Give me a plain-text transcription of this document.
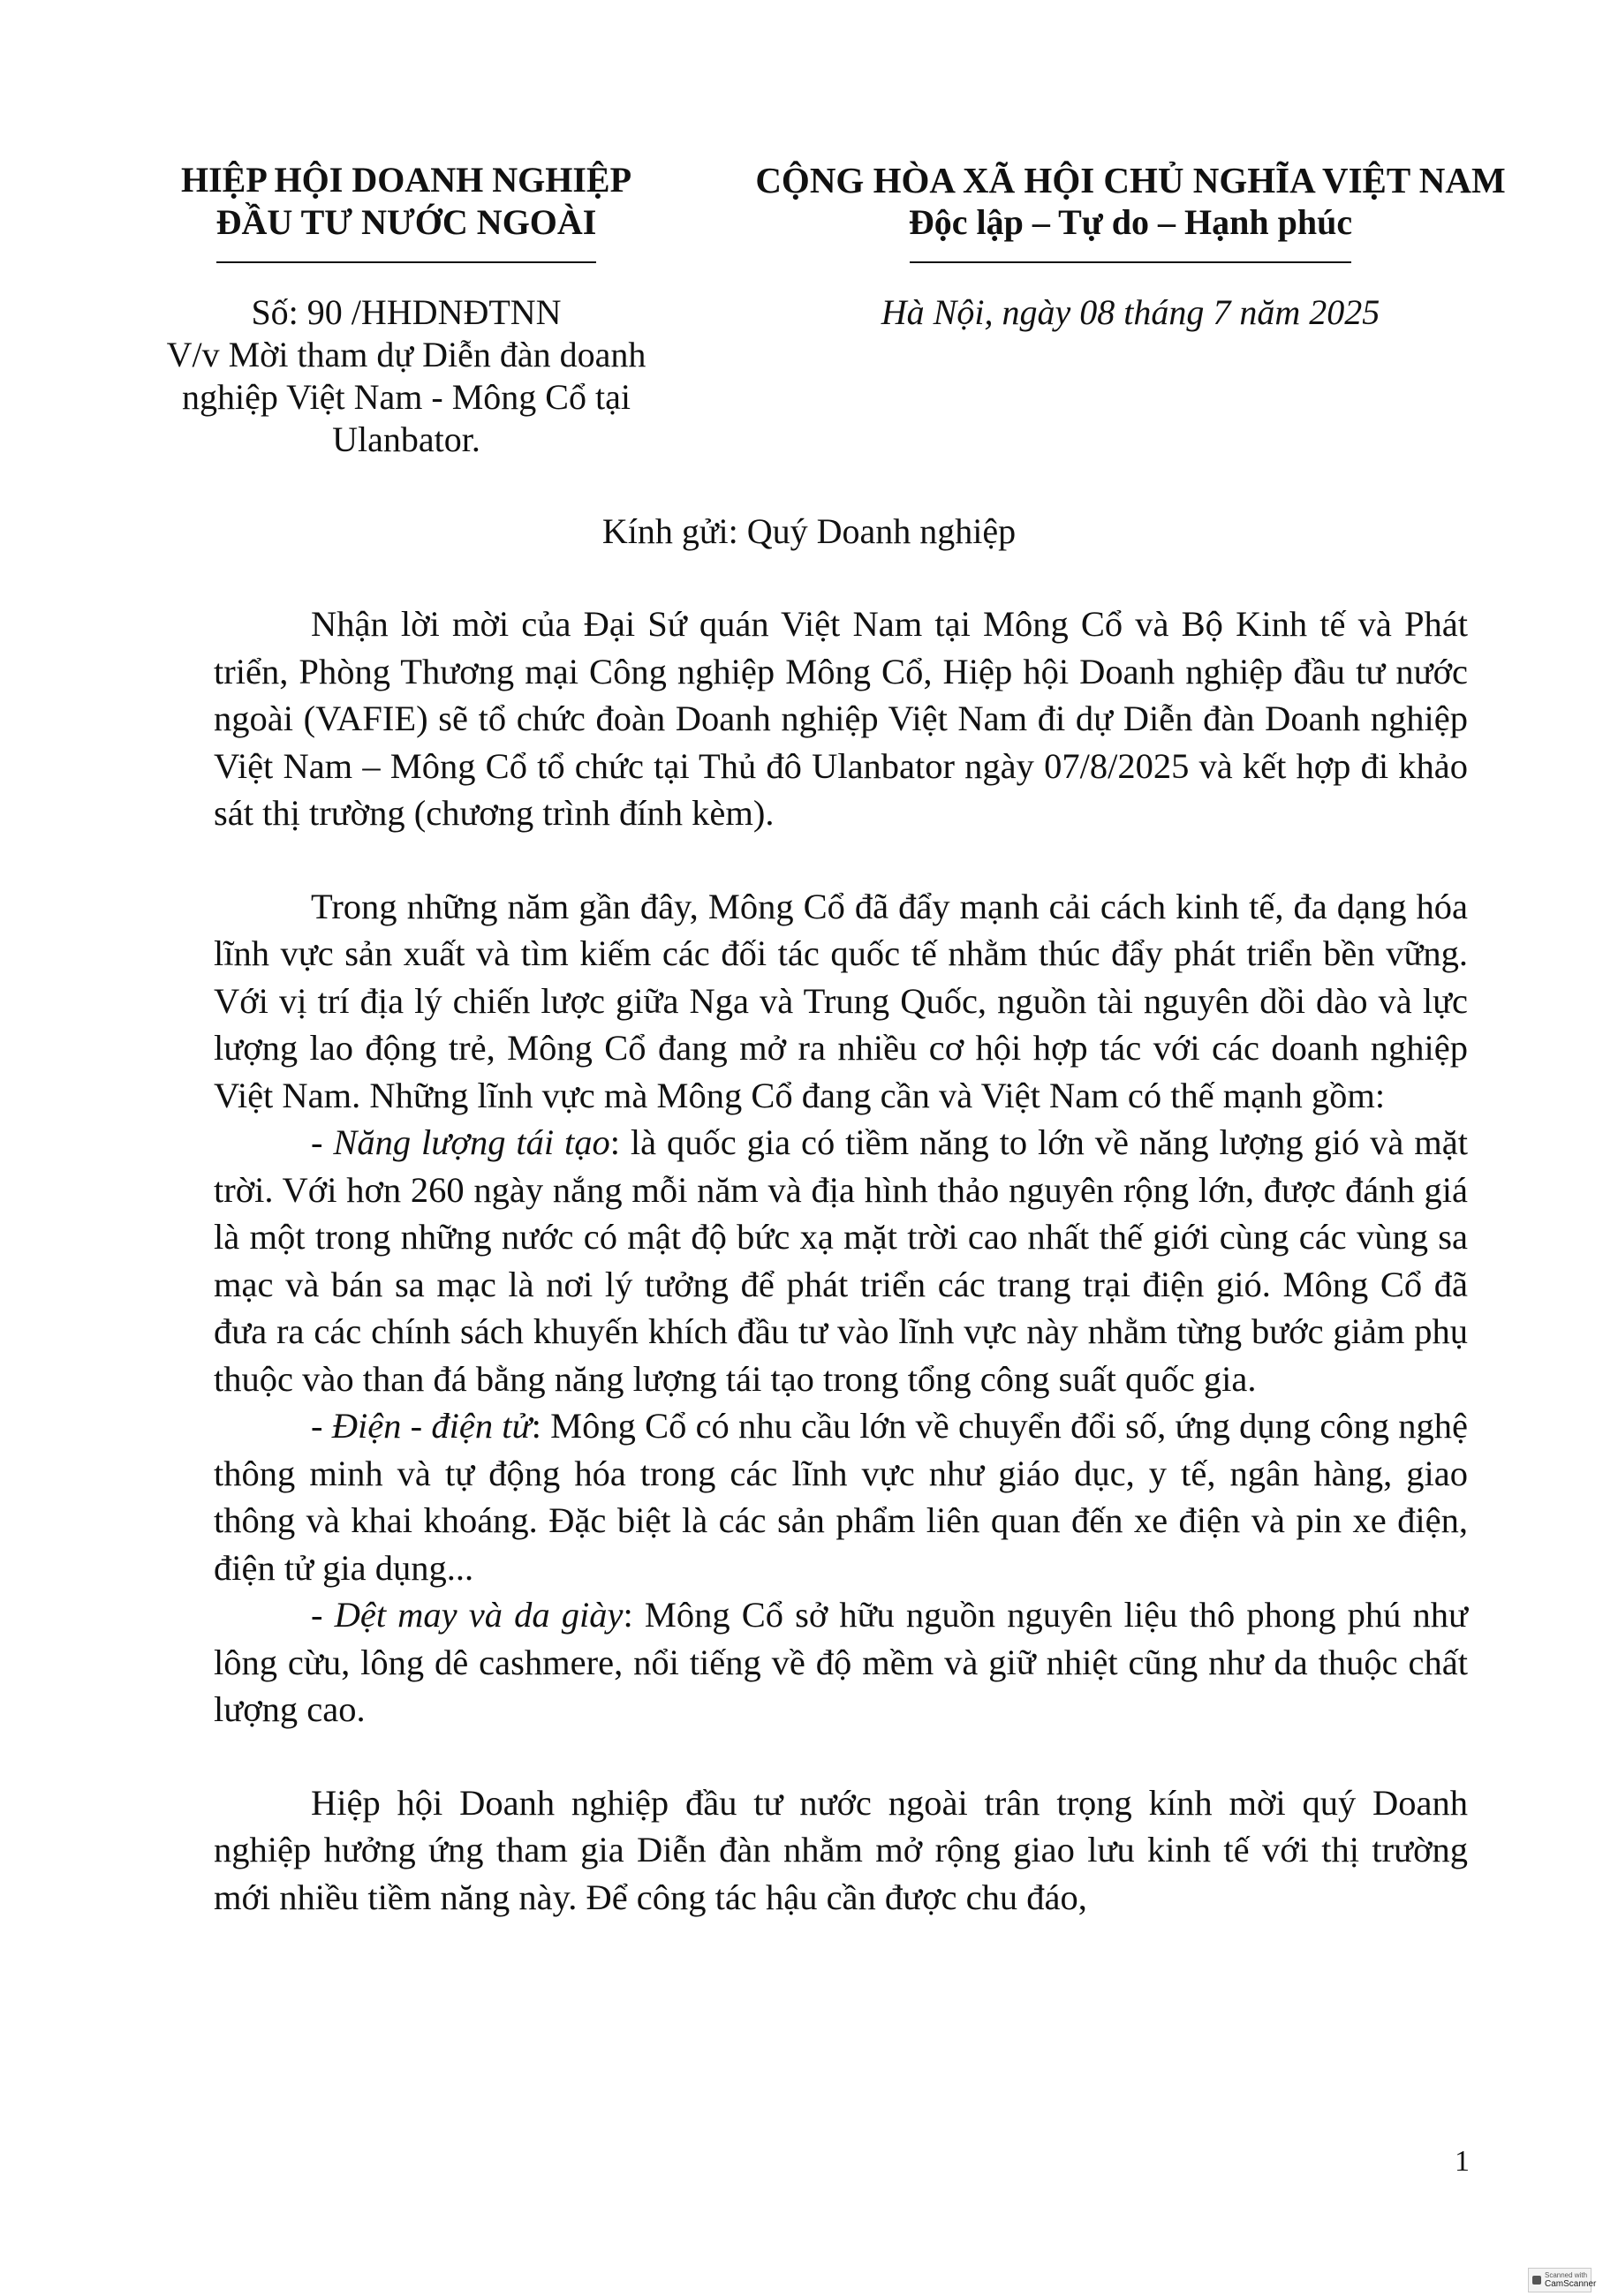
HIỆP HỘI DOANH NGHIỆP
ĐẦU TƯ NƯỚC NGOÀI
CỘNG HÒA XÃ HỘI CHỦ NGHĨA VIỆT NAM
Độc lập – Tự do – Hạnh phúc
Số: 90 /HHDNĐTNN
V/v Mời tham dự Diễn đàn doanh
nghiệp Việt Nam - Mông Cổ tại
Ulanbator.
Hà Nội, ngày 08 tháng 7 năm 2025
Kính gửi: Quý Doanh nghiệp

Nhận lời mời của Đại Sứ quán Việt Nam tại Mông Cổ và Bộ Kinh tế và Phát triển, Phòng Thương mại Công nghiệp Mông Cổ, Hiệp hội Doanh nghiệp đầu tư nước ngoài (VAFIE) sẽ tổ chức đoàn Doanh nghiệp Việt Nam đi dự Diễn đàn Doanh nghiệp Việt Nam – Mông Cổ tổ chức tại Thủ đô Ulanbator ngày 07/8/2025 và kết hợp đi khảo sát thị trường (chương trình đính kèm).

Trong những năm gần đây, Mông Cổ đã đẩy mạnh cải cách kinh tế, đa dạng hóa lĩnh vực sản xuất và tìm kiếm các đối tác quốc tế nhằm thúc đẩy phát triển bền vững. Với vị trí địa lý chiến lược giữa Nga và Trung Quốc, nguồn tài nguyên dồi dào và lực lượng lao động trẻ, Mông Cổ đang mở ra nhiều cơ hội hợp tác với các doanh nghiệp Việt Nam. Những lĩnh vực mà Mông Cổ đang cần và Việt Nam có thế mạnh gồm:

- Năng lượng tái tạo: là quốc gia có tiềm năng to lớn về năng lượng gió và mặt trời. Với hơn 260 ngày nắng mỗi năm và địa hình thảo nguyên rộng lớn, được đánh giá là một trong những nước có mật độ bức xạ mặt trời cao nhất thế giới cùng các vùng sa mạc và bán sa mạc là nơi lý tưởng để phát triển các trang trại điện gió. Mông Cổ đã đưa ra các chính sách khuyến khích đầu tư vào lĩnh vực này nhằm từng bước giảm phụ thuộc vào than đá bằng năng lượng tái tạo trong tổng công suất quốc gia.

- Điện - điện tử: Mông Cổ có nhu cầu lớn về chuyển đổi số, ứng dụng công nghệ thông minh và tự động hóa trong các lĩnh vực như giáo dục, y tế, ngân hàng, giao thông và khai khoáng. Đặc biệt là các sản phẩm liên quan đến xe điện và pin xe điện, điện tử gia dụng...

- Dệt may và da giày: Mông Cổ sở hữu nguồn nguyên liệu thô phong phú như lông cừu, lông dê cashmere, nổi tiếng về độ mềm và giữ nhiệt cũng như da thuộc chất lượng cao.

Hiệp hội Doanh nghiệp đầu tư nước ngoài trân trọng kính mời quý Doanh nghiệp hưởng ứng tham gia Diễn đàn nhằm mở rộng giao lưu kinh tế với thị trường mới nhiều tiềm năng này. Để công tác hậu cần được chu đáo,

1
Scanned with
CamScanner
